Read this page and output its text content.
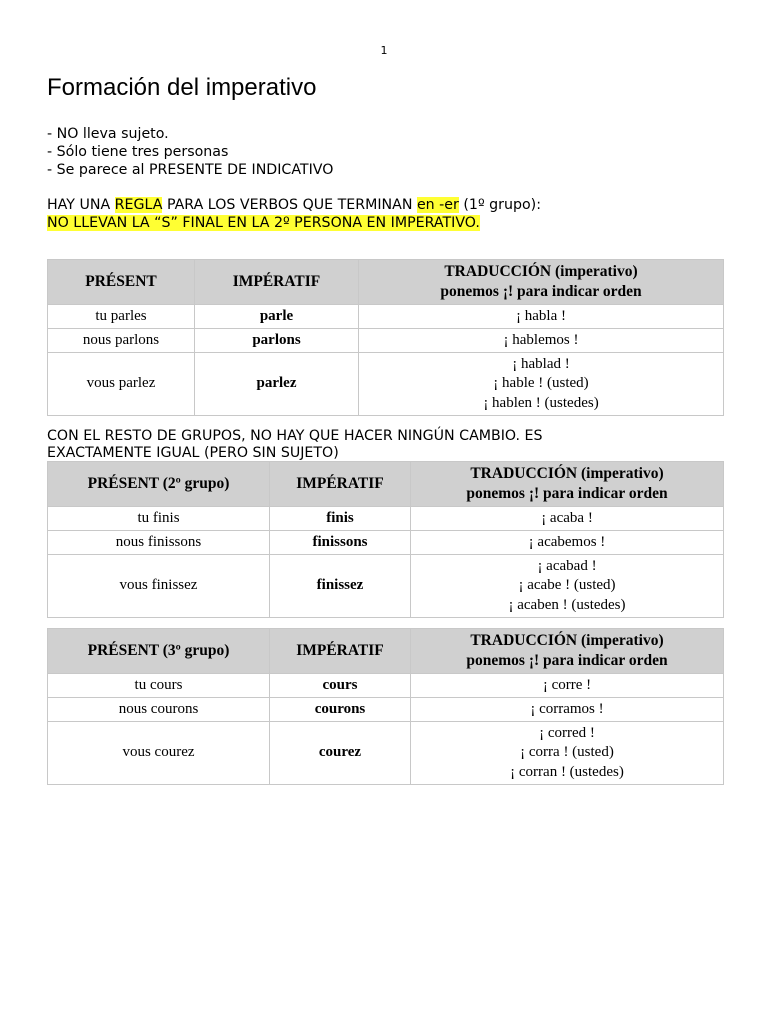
1
Formación del imperativo
- NO lleva sujeto.
- Sólo tiene tres personas
- Se parece al PRESENTE DE INDICATIVO
HAY UNA REGLA PARA LOS VERBOS QUE TERMINAN en -er (1º grupo):
NO LLEVAN LA “S” FINAL EN LA 2º PERSONA EN IMPERATIVO.
PRÉSENT	IMPÉRATIF	TRADUCCIÓN (imperativo)
ponemos ¡! para indicar orden

tu parles	parle	¡ habla !
nous parlons	parlons	¡ hablemos !
vous parlez	parlez	¡ hablad !
¡ hable ! (usted)
¡ hablen ! (ustedes)
CON EL RESTO DE GRUPOS, NO HAY QUE HACER NINGÚN CAMBIO. ES EXACTAMENTE IGUAL (PERO SIN SUJETO)
PRÉSENT (2º grupo)	IMPÉRATIF	TRADUCCIÓN (imperativo)
ponemos ¡! para indicar orden

tu finis	finis	¡ acaba !
nous finissons	finissons	¡ acabemos !
vous finissez	finissez	¡ acabad !
¡ acabe ! (usted)
¡ acaben ! (ustedes)
PRÉSENT (3º grupo)	IMPÉRATIF	TRADUCCIÓN (imperativo)
ponemos ¡! para indicar orden

tu cours	cours	¡ corre !
nous courons	courons	¡ corramos !
vous courez	courez	¡ corred !
¡ corra ! (usted)
¡ corran ! (ustedes)
